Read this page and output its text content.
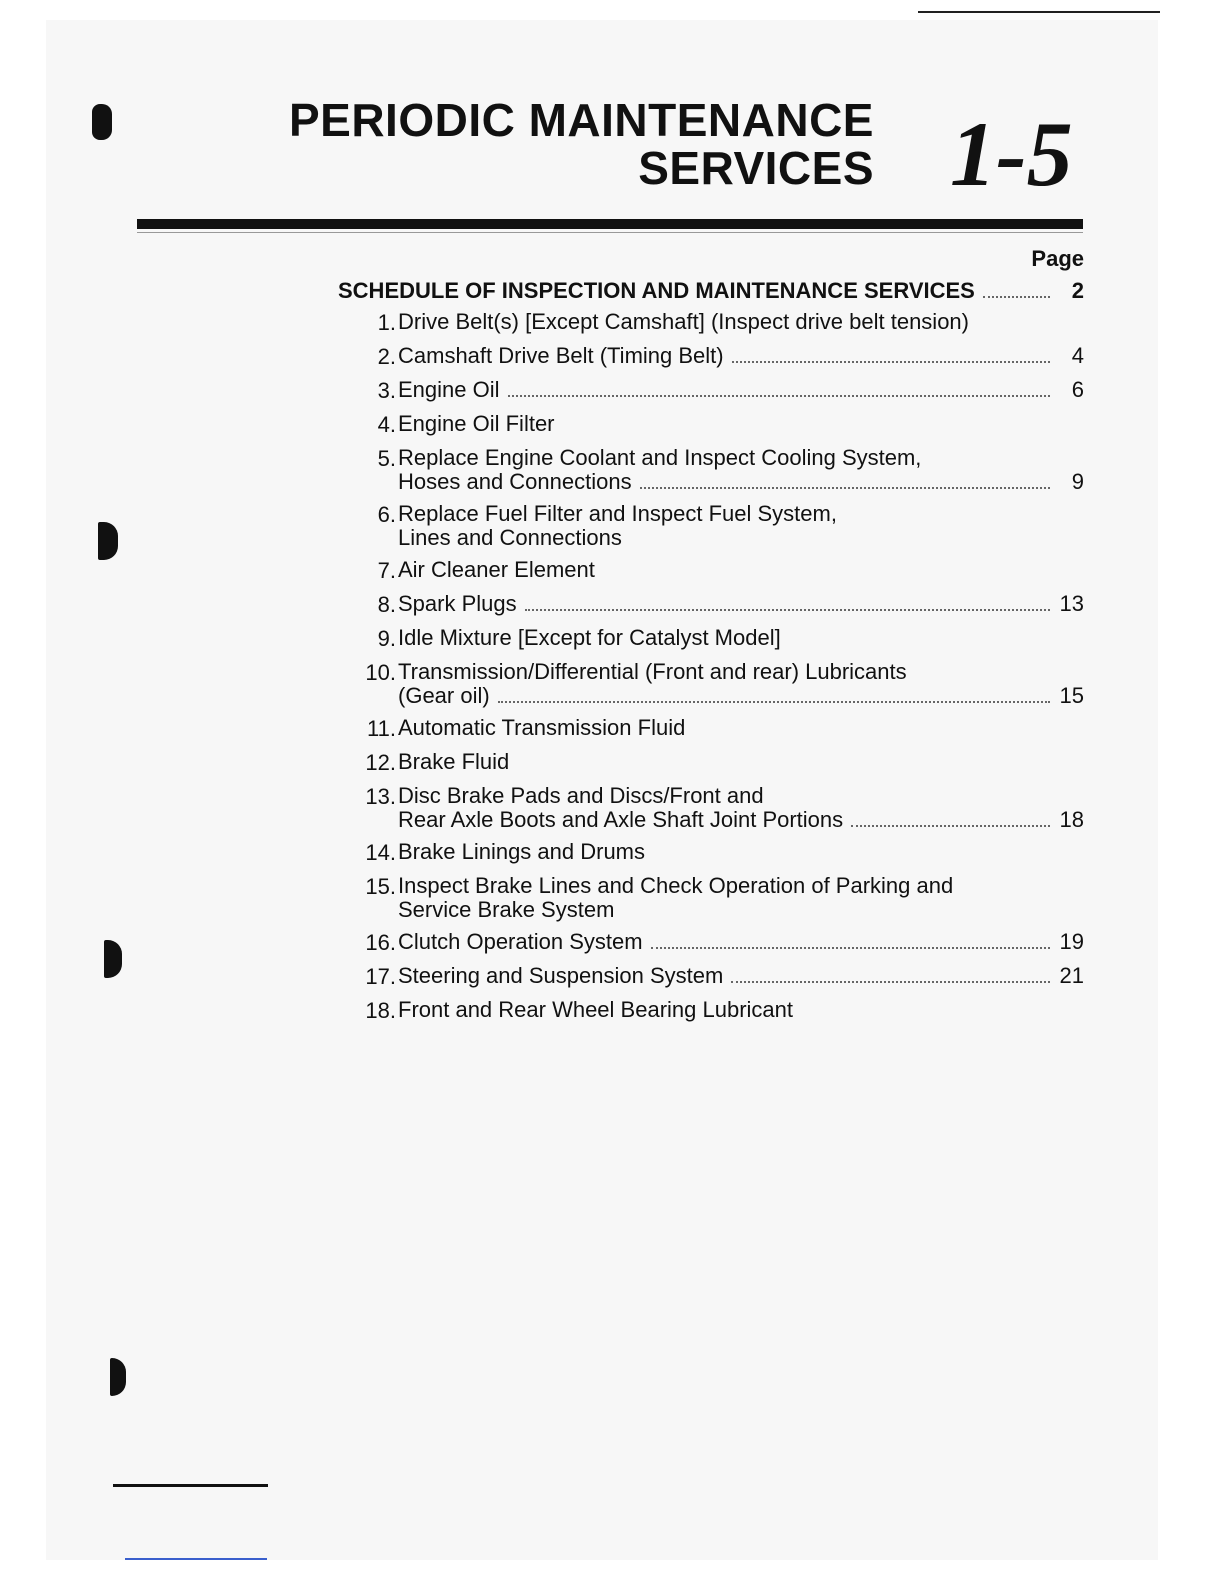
PERIODIC MAINTENANCE
SERVICES 1-5
Page
SCHEDULE OF INSPECTION AND MAINTENANCE SERVICES	2
1. Drive Belt(s) [Except Camshaft] (Inspect drive belt tension)
2. Camshaft Drive Belt (Timing Belt)	4
3. Engine Oil	6
4. Engine Oil Filter
5. Replace Engine Coolant and Inspect Cooling System,
Hoses and Connections	9
6. Replace Fuel Filter and Inspect Fuel System,
Lines and Connections
7. Air Cleaner Element
8. Spark Plugs	13
9. Idle Mixture [Except for Catalyst Model]
10. Transmission/Differential (Front and rear) Lubricants
(Gear oil)	15
11. Automatic Transmission Fluid
12. Brake Fluid
13. Disc Brake Pads and Discs/Front and
Rear Axle Boots and Axle Shaft Joint Portions	18
14. Brake Linings and Drums
15. Inspect Brake Lines and Check Operation of Parking and
Service Brake System
16. Clutch Operation System	19
17. Steering and Suspension System	21
18. Front and Rear Wheel Bearing Lubricant
